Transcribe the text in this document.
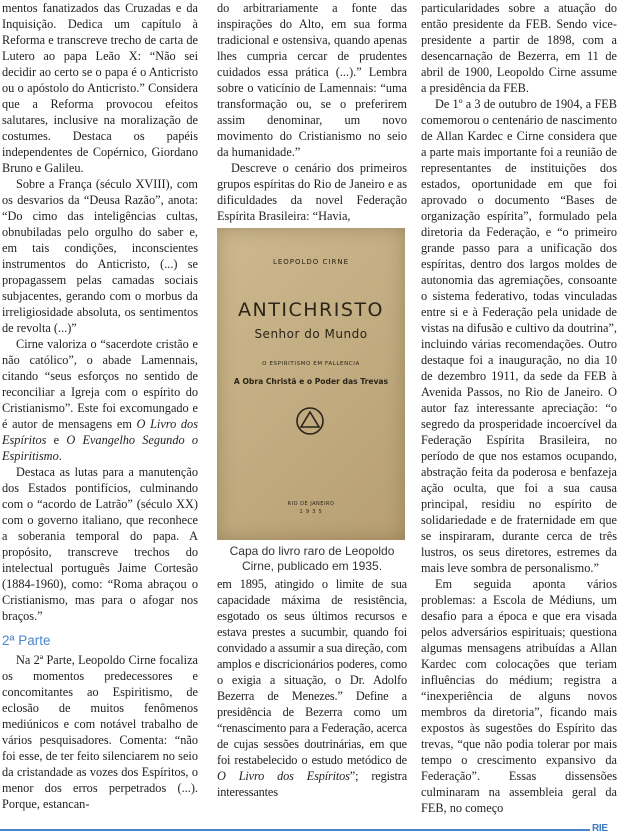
mentos fanatizados das Cruzadas e da Inquisição. Dedica um capítulo à Reforma e transcreve trecho de carta de Lutero ao papa Leão X: “Não sei decidir ao certo se o papa é o Anticristo ou o apóstolo do Anticristo.” Considera que a Reforma provocou efeitos salutares, inclusive na moralização de costumes. Destaca os papéis independentes de Copérnico, Giordano Bruno e Galileu.

Sobre a França (século XVIII), com os desvarios da “Deusa Razão”, anota: “Do cimo das inteligências cultas, obnubiladas pelo orgulho do saber e, em tais condições, inconscientes instrumentos do Anticristo, (...) se propagassem pelas camadas sociais subjacentes, gerando com o morbus da irreligiosidade absoluta, os sentimentos de revolta (...)”

Cirne valoriza o “sacerdote cristão e não católico”, o abade Lamennais, citando “seus esforços no sentido de reconciliar a Igreja com o espírito do Cristianismo”. Este foi excomungado e é autor de mensagens em O Livro dos Espíritos e O Evangelho Segundo o Espiritismo.

Destaca as lutas para a manutenção dos Estados pontifícios, culminando com o “acordo de Latrão” (século XX) com o governo italiano, que reconhece a soberania temporal do papa. A propósito, transcreve trechos do intelectual português Jaime Cortesão (1884-1960), como: “Roma abraçou o Cristianismo, mas para o afogar nos braços.”

2ª Parte

Na 2ª Parte, Leopoldo Cirne focaliza os momentos predecessores e concomitantes ao Espiritismo, de eclosão de muitos fenômenos mediúnicos e com notável trabalho de vários pesquisadores. Comenta: “não foi esse, de ter feito silenciarem no seio da cristandade as vozes dos Espíritos, o menor dos erros perpetrados (...). Porque, estancan-

do arbitrariamente a fonte das inspirações do Alto, em sua forma tradicional e ostensiva, quando apenas lhes cumpria cercar de prudentes cuidados essa prática (...).” Lembra sobre o vaticínio de Lamennais: “uma transformação ou, se o preferirem assim denominar, um novo movimento do Cristianismo no seio da humanidade.”

Descreve o cenário dos primeiros grupos espíritas do Rio de Janeiro e as dificuldades da novel Federação Espírita Brasileira: “Havia,

LEOPOLDO CIRNE
ANTICHRISTO
Senhor do Mundo
O ESPIRITISMO EM FALLENCIA
A Obra Christã e o Poder das Trevas
RIO DE JANEIRO
1 9 3 5
Capa do livro raro de Leopoldo Cirne, publicado em 1935.

em 1895, atingido o limite de sua capacidade máxima de resistência, esgotado os seus últimos recursos e estava prestes a sucumbir, quando foi convidado a assumir a sua direção, com amplos e discricionários poderes, como o exigia a situação, o Dr. Adolfo Bezerra de Menezes.” Define a presidência de Bezerra como um “renascimento para a Federação, acerca de cujas sessões doutrinárias, em que foi restabelecido o estudo metódico de O Livro dos Espíritos”; registra interessantes

particularidades sobre a atuação do então presidente da FEB. Sendo vice-presidente a partir de 1898, com a desencarnação de Bezerra, em 11 de abril de 1900, Leopoldo Cirne assume a presidência da FEB.

De 1º a 3 de outubro de 1904, a FEB comemorou o centenário de nascimento de Allan Kardec e Cirne considera que a parte mais importante foi a reunião de representantes de instituições dos estados, oportunidade em que foi aprovado o documento “Bases de organização espírita”, formulado pela diretoria da Federação, e “o primeiro grande passo para a unificação dos espíritas, dentro dos largos moldes de autonomia das agremiações, consoante o sistema federativo, todas vinculadas entre si e à Federação pela unidade de vistas na difusão e cultivo da doutrina”, incluindo várias recomendações. Outro destaque foi a inauguração, no dia 10 de dezembro 1911, da sede da FEB à Avenida Passos, no Rio de Janeiro. O autor faz interessante apreciação: “o segredo da prosperidade incoercível da Federação Espírita Brasileira, no período de que nos estamos ocupando, abstração feita da poderosa e benfazeja ação oculta, que foi a sua causa principal, residiu no espírito de solidariedade e de fraternidade em que se inspiraram, durante cerca de três lustros, os seus diretores, estremes da mais leve sombra de personalismo.”

Em seguida aponta vários problemas: a Escola de Médiuns, um desafio para a época e que era visada pelos adversários espirituais; questiona algumas mensagens atribuídas a Allan Kardec com colocações que teriam influências do médium; registra a “inexperiência de alguns novos membros da diretoria”, ficando mais expostos às sugestões do Espírito das trevas, “que não podia tolerar por mais tempo o crescimento expansivo da Federação”. Essas dissensões culminaram na assembleia geral da FEB, no começo

RIE
